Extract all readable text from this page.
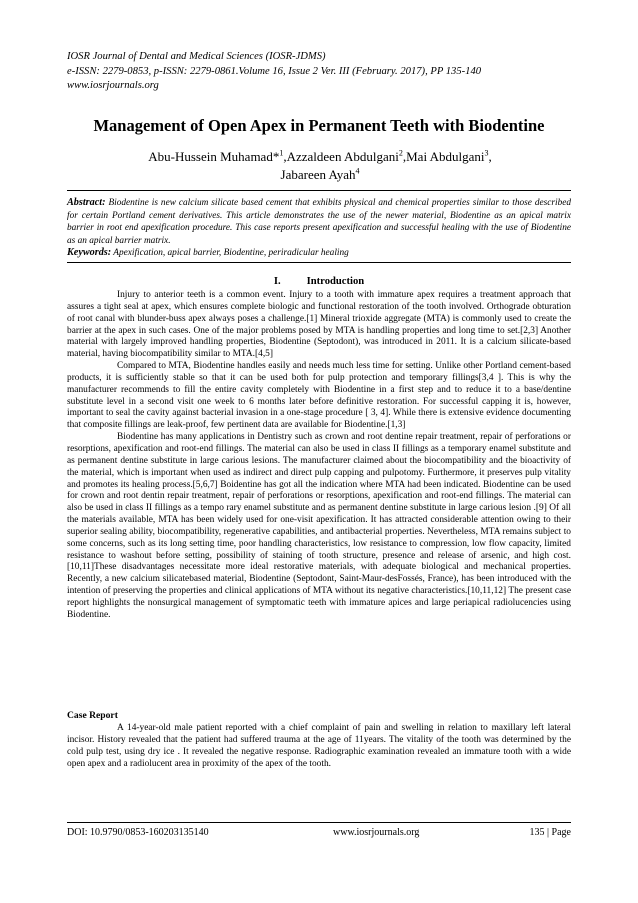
IOSR Journal of Dental and Medical Sciences (IOSR-JDMS)
e-ISSN: 2279-0853, p-ISSN: 2279-0861.Volume 16, Issue 2 Ver. III (February. 2017), PP 135-140
www.iosrjournals.org
Management of Open Apex in Permanent Teeth with Biodentine
Abu-Hussein Muhamad*$^1$,Azzaldeen Abdulgani$^2$,Mai Abdulgani$^3$,
Jabareen Ayah$^4$
Abstract: Biodentine is new calcium silicate based cement that exhibits physical and chemical properties similar to those described for certain Portland cement derivatives. This article demonstrates the use of the newer material, Biodentine as an apical matrix barrier in root end apexification procedure. This case reports present apexification and successful healing with the use of Biodentine as an apical barrier matrix.
Keywords: Apexification, apical barrier, Biodentine, periradicular healing
I. Introduction

Injury to anterior teeth is a common event. Injury to a tooth with immature apex requires a treatment approach that assures a tight seal at apex, which ensures complete biologic and functional restoration of the tooth involved. Orthograde obturation of root canal with blunder-buss apex always poses a challenge.[1] Mineral trioxide aggregate (MTA) is commonly used to create the barrier at the apex in such cases. One of the major problems posed by MTA is handling properties and long time to set.[2,3] Another material with largely improved handling properties, Biodentine (Septodont), was introduced in 2011. It is a calcium silicate-based material, having biocompatibility similar to MTA.[4,5]

Compared to MTA, Biodentine handles easily and needs much less time for setting. Unlike other Portland cement-based products, it is sufficiently stable so that it can be used both for pulp protection and temporary fillings[3,4 ]. This is why the manufacturer recommends to fill the entire cavity completely with Biodentine in a first step and to reduce it to a base/dentine substitute level in a second visit one week to 6 months later before definitive restoration. For successful capping it is, however, important to seal the cavity against bacterial invasion in a one-stage procedure [ 3, 4]. While there is extensive evidence documenting that composite fillings are leak-proof, few pertinent data are available for Biodentine.[1,3]

Biodentine has many applications in Dentistry such as crown and root dentine repair treatment, repair of perforations or resorptions, apexification and root-end fillings. The material can also be used in class II fillings as a temporary enamel substitute and as permanent dentine substitute in large carious lesions. The manufacturer claimed about the biocompatibility and the bioactivity of the material, which is important when used as indirect and direct pulp capping and pulpotomy. Furthermore, it preserves pulp vitality and promotes its healing process.[5,6,7] Boidentine has got all the indication where MTA had been indicated. Biodentine can be used for crown and root dentin repair treatment, repair of perforations or resorptions, apexification and root-end fillings. The material can also be used in class II fillings as a tempo rary enamel substitute and as permanent dentine substitute in large carious lesion .[9] Of all the materials available, MTA has been widely used for one-visit apexification. It has attracted considerable attention owing to their superior sealing ability, biocompatibility, regenerative capabilities, and antibacterial properties. Nevertheless, MTA remains subject to some concerns, such as its long setting time, poor handling characteristics, low resistance to compression, low flow capacity, limited resistance to washout before setting, possibility of staining of tooth structure, presence and release of arsenic, and high cost. [10,11]These disadvantages necessitate more ideal restorative materials, with adequate biological and mechanical properties. Recently, a new calcium silicatebased material, Biodentine (Septodont, Saint-Maur-desFossés, France), has been introduced with the intention of preserving the properties and clinical applications of MTA without its negative characteristics.[10,11,12] The present case report highlights the nonsurgical management of symptomatic teeth with immature apices and large periapical radiolucencies using Biodentine.

Case Report

A 14-year-old male patient reported with a chief complaint of pain and swelling in relation to maxillary left lateral incisor. History revealed that the patient had suffered trauma at the age of 11years. The vitality of the tooth was determined by the cold pulp test, using dry ice . It revealed the negative response. Radiographic examination revealed an immature tooth with a wide open apex and a radiolucent area in proximity of the apex of the tooth.

DOI: 10.9790/0853-160203135140	www.iosrjournals.org	135 | Page
